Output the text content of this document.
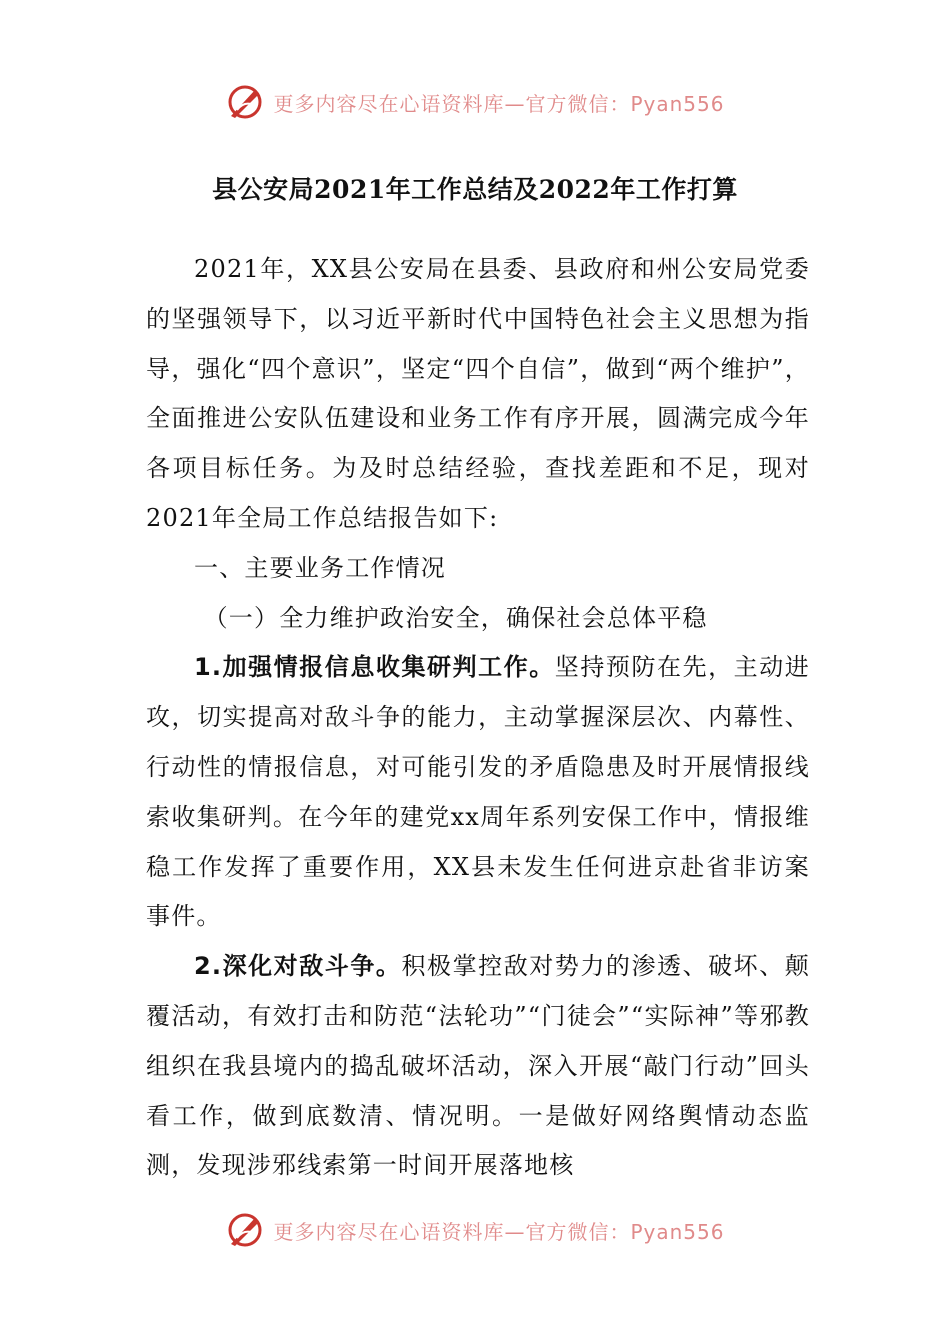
更多内容尽在心语资料库—官方微信：Pyan556
县公安局2021年工作总结及2022年工作打算

2021年，XX县公安局在县委、县政府和州公安局党委的坚强领导下，以习近平新时代中国特色社会主义思想为指导，强化“四个意识”，坚定“四个自信”，做到“两个维护”，全面推进公安队伍建设和业务工作有序开展，圆满完成今年各项目标任务。为及时总结经验，查找差距和不足，现对2021年全局工作总结报告如下:

一、主要业务工作情况

（一）全力维护政治安全，确保社会总体平稳

1.加强情报信息收集研判工作。坚持预防在先，主动进攻，切实提高对敌斗争的能力，主动掌握深层次、内幕性、行动性的情报信息，对可能引发的矛盾隐患及时开展情报线索收集研判。在今年的建党xx周年系列安保工作中，情报维稳工作发挥了重要作用，XX县未发生任何进京赴省非访案事件。

2.深化对敌斗争。积极掌控敌对势力的渗透、破坏、颠覆活动，有效打击和防范“法轮功”“门徒会”“实际神”等邪教组织在我县境内的捣乱破坏活动，深入开展“敲门行动”回头看工作，做到底数清、情况明。一是做好网络舆情动态监测，发现涉邪线索第一时间开展落地核

更多内容尽在心语资料库—官方微信：Pyan556
